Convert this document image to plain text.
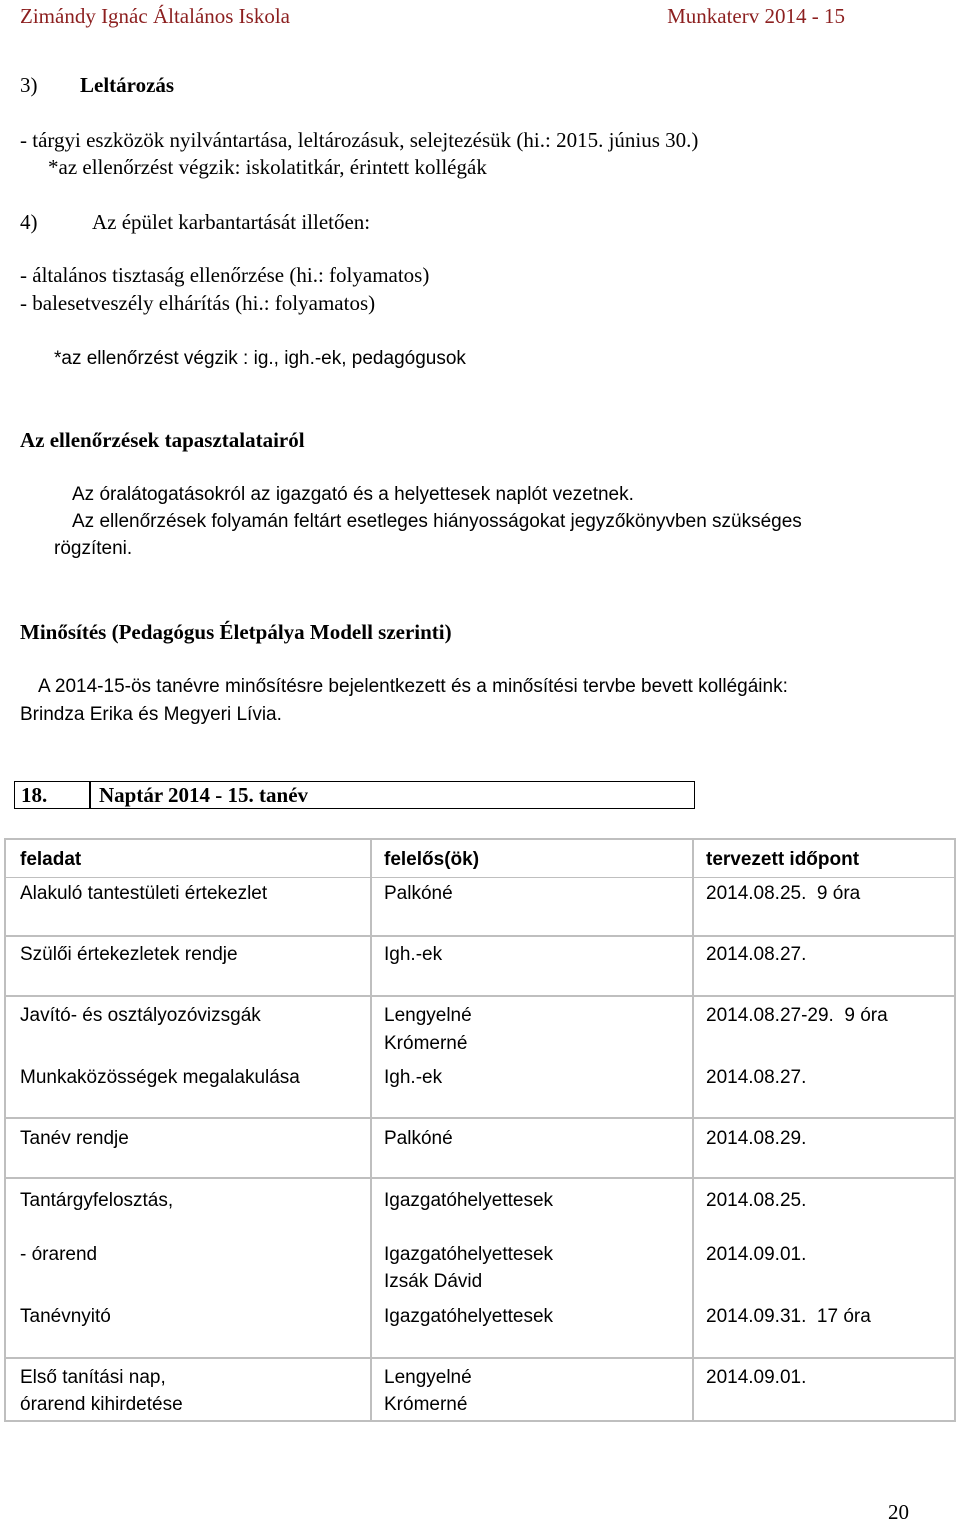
Zimándy Ignác Általános Iskola	Munkaterv 2014 - 15
3) Leltározás
- tárgyi eszközök nyilvántartása, leltározásuk, selejtezésük (hi.: 2015. június 30.)
*az ellenőrzést végzik: iskolatitkár, érintett kollégák
4)	Az épület karbantartását illetően:
- általános tisztaság ellenőrzése (hi.: folyamatos)
- balesetveszély elhárítás (hi.: folyamatos)
*az ellenőrzést végzik : ig., igh.-ek, pedagógusok
Az ellenőrzések tapasztalatairól
Az óralátogatásokról az igazgató és a helyettesek naplót vezetnek.
Az ellenőrzések folyamán feltárt esetleges hiányosságokat jegyzőkönyvben szükséges
rögzíteni.
Minősítés (Pedagógus Életpálya Modell szerinti)
A 2014-15-ös tanévre minősítésre bejelentkezett és a minősítési tervbe bevett kollégáink:
Brindza Erika és Megyeri Lívia.
18. Naptár 2014 - 15. tanév
feladat	felelős(ök)	tervezett időpont
Alakuló tantestületi értekezlet	Palkóné	2014.08.25.  9 óra
Szülői értekezletek rendje	Igh.-ek	2014.08.27.
Javító- és osztályozóvizsgák	Lengyelné	2014.08.27-29.  9 óra
Krómerné
Munkaközösségek megalakulása	Igh.-ek	2014.08.27.
Tanév rendje	Palkóné	2014.08.29.
Tantárgyfelosztás,	Igazgatóhelyettesek	2014.08.25.
- órarend	Igazgatóhelyettesek	2014.09.01.
Izsák Dávid
Tanévnyitó	Igazgatóhelyettesek	2014.09.31.  17 óra
Első tanítási nap,	Lengyelné	2014.09.01.
órarend kihirdetése	Krómerné
20
